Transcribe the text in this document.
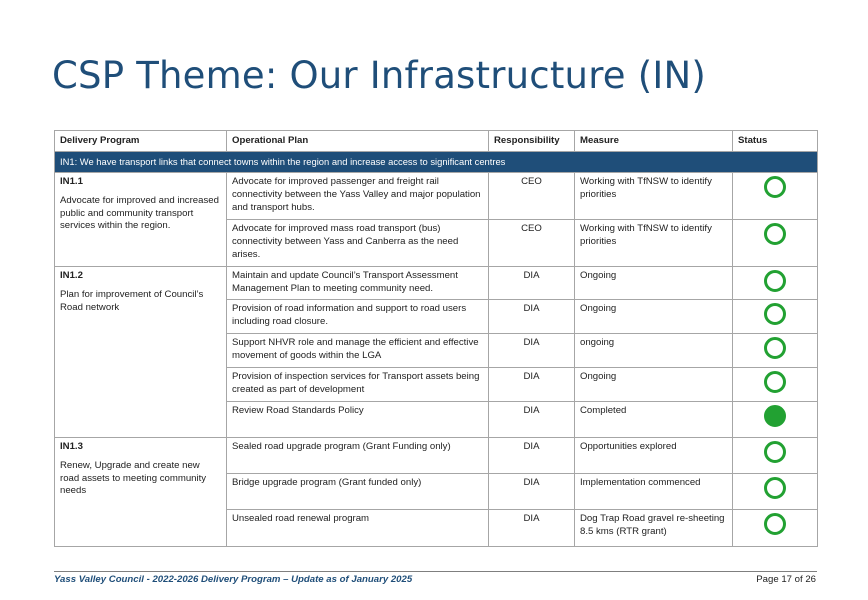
CSP Theme: Our Infrastructure (IN)
Delivery Program	Operational Plan	Responsibility	Measure	Status
IN1: We have transport links that connect towns within the region and increase access to significant centres				

IN1.1
Advocate for improved and increased public and community transport services within the region.	Advocate for improved passenger and freight rail connectivity between the Yass Valley and major population and transport hubs.	CEO	Working with TfNSW to identify priorities	
	Advocate for improved mass road transport (bus) connectivity between Yass and Canberra as the need arises.	CEO	Working with TfNSW to identify priorities	

IN1.2
Plan for improvement of Council’s Road network	Maintain and update Council’s Transport Assessment Management Plan to meeting community need.	DIA	Ongoing	
	Provision of road information and support to road users including road closure.	DIA	Ongoing	
	Support NHVR role and manage the efficient and effective movement of goods within the LGA	DIA	ongoing	
	Provision of inspection services for Transport assets being created as part of development	DIA	Ongoing	
	Review Road Standards Policy	DIA	Completed	

IN1.3
Renew, Upgrade and create new road assets to meeting community needs	Sealed road upgrade program (Grant Funding only)	DIA	Opportunities explored	
	Bridge upgrade program (Grant funded only)	DIA	Implementation commenced	
	Unsealed road renewal program	DIA	Dog Trap Road gravel re-sheeting 8.5 kms (RTR grant)	
Yass Valley Council - 2022-2026 Delivery Program – Update as of January 2025	Page 17 of 26
